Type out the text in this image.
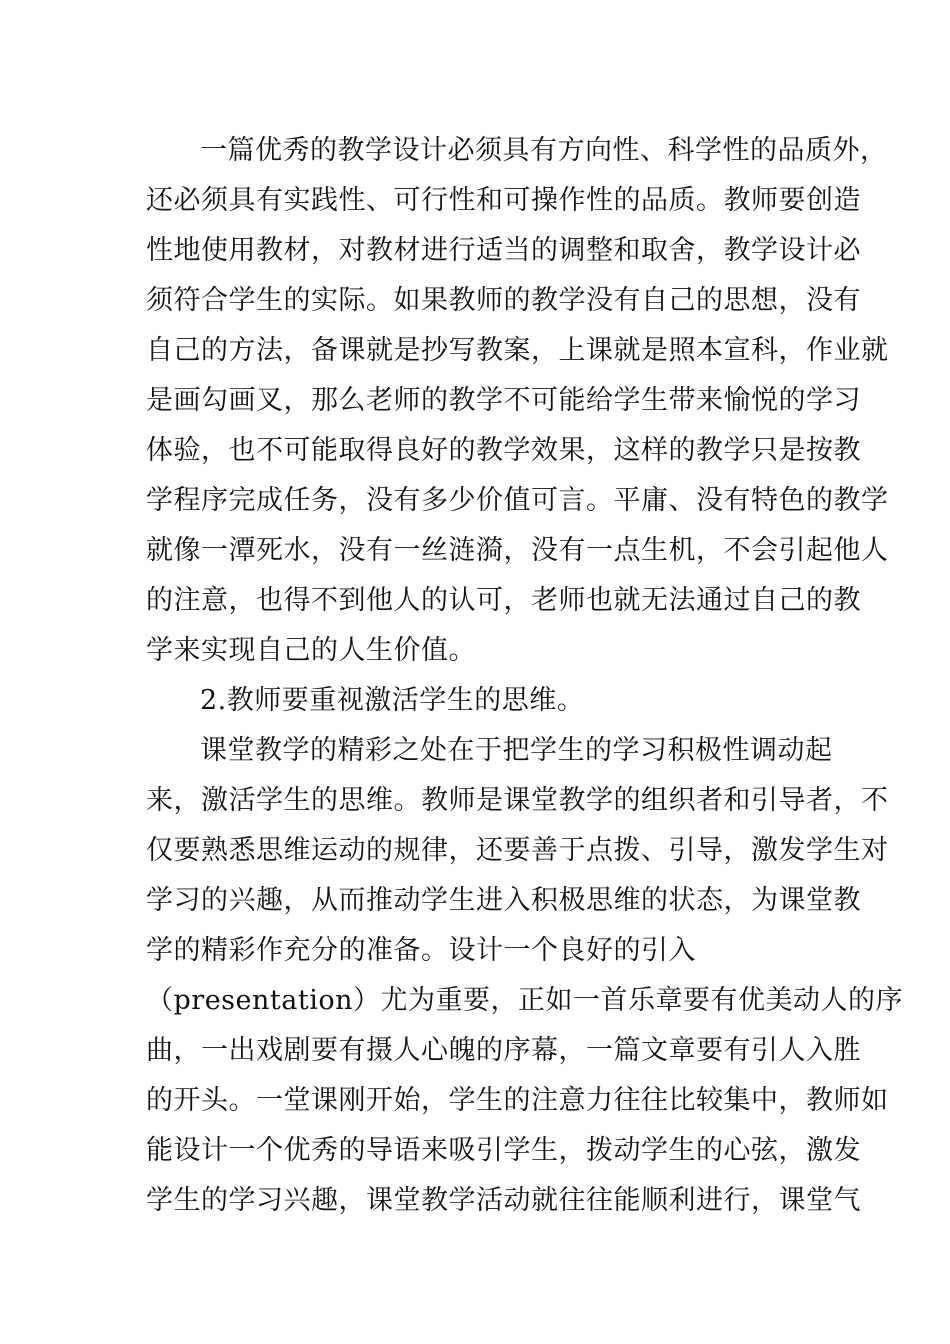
一篇优秀的教学设计必须具有方向性、科学性的品质外，
还必须具有实践性、可行性和可操作性的品质。教师要创造
性地使用教材，对教材进行适当的调整和取舍，教学设计必
须符合学生的实际。如果教师的教学没有自己的思想，没有
自己的方法，备课就是抄写教案，上课就是照本宣科，作业就
是画勾画叉，那么老师的教学不可能给学生带来愉悦的学习
体验，也不可能取得良好的教学效果，这样的教学只是按教
学程序完成任务，没有多少价值可言。平庸、没有特色的教学
就像一潭死水，没有一丝涟漪，没有一点生机，不会引起他人
的注意，也得不到他人的认可，老师也就无法通过自己的教
学来实现自己的人生价值。
2.教师要重视激活学生的思维。
课堂教学的精彩之处在于把学生的学习积极性调动起
来，激活学生的思维。教师是课堂教学的组织者和引导者，不
仅要熟悉思维运动的规律，还要善于点拨、引导，激发学生对
学习的兴趣，从而推动学生进入积极思维的状态，为课堂教
学的精彩作充分的准备。设计一个良好的引入
（presentation）尤为重要，正如一首乐章要有优美动人的序
曲，一出戏剧要有摄人心魄的序幕，一篇文章要有引人入胜
的开头。一堂课刚开始，学生的注意力往往比较集中，教师如
能设计一个优秀的导语来吸引学生，拨动学生的心弦，激发
学生的学习兴趣，课堂教学活动就往往能顺利进行，课堂气
